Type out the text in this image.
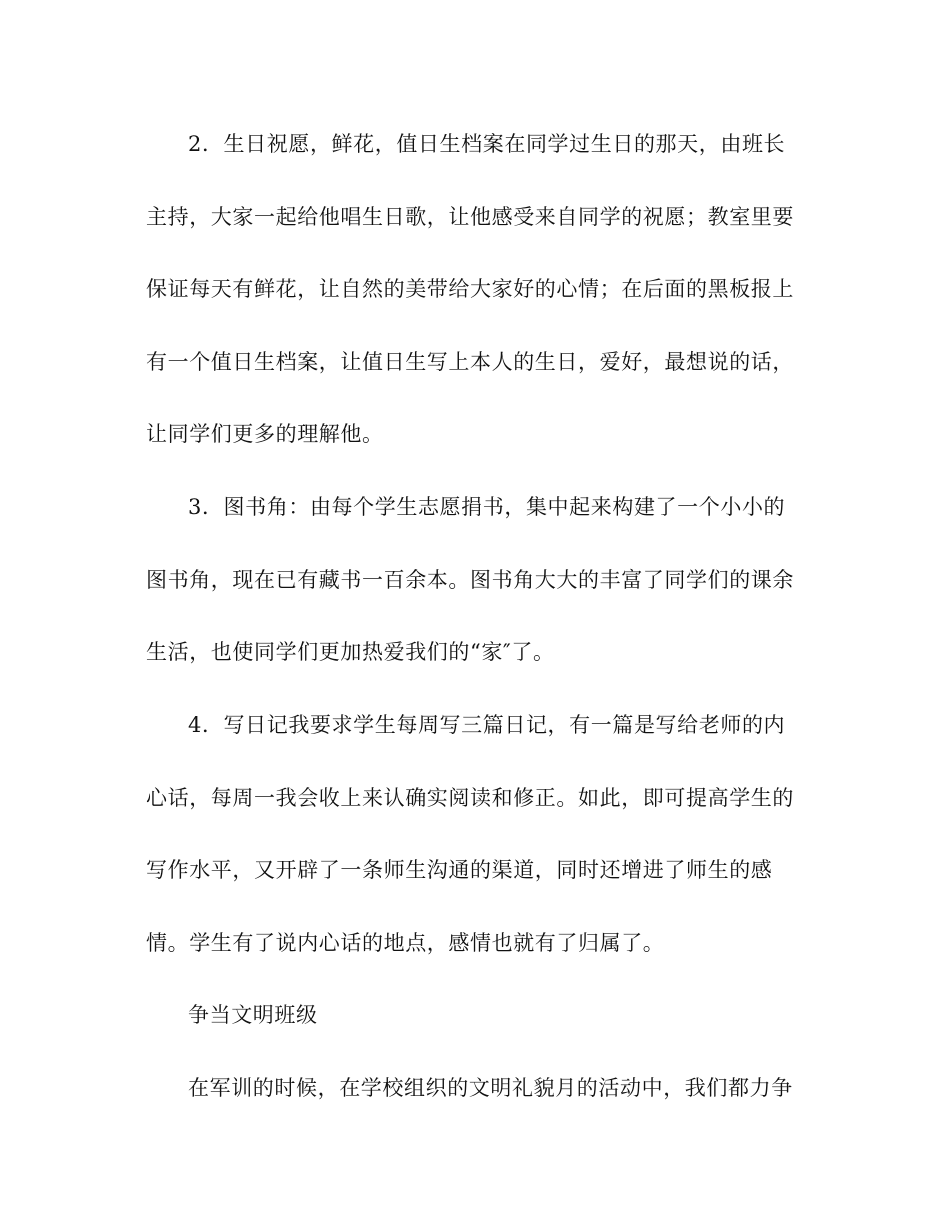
2．生日祝愿，鲜花，值日生档案在同学过生日的那天，由班长
主持，大家一起给他唱生日歌，让他感受来自同学的祝愿；教室里要
保证每天有鲜花，让自然的美带给大家好的心情；在后面的黑板报上
有一个值日生档案，让值日生写上本人的生日，爱好，最想说的话，
让同学们更多的理解他。
3．图书角：由每个学生志愿捐书，集中起来构建了一个小小的
图书角，现在已有藏书一百余本。图书角大大的丰富了同学们的课余
生活，也使同学们更加热爱我们的“家″了。
4．写日记我要求学生每周写三篇日记，有一篇是写给老师的内
心话，每周一我会收上来认确实阅读和修正。如此，即可提高学生的
写作水平，又开辟了一条师生沟通的渠道，同时还增进了师生的感
情。学生有了说内心话的地点，感情也就有了归属了。
争当文明班级
在军训的时候，在学校组织的文明礼貌月的活动中，我们都力争
